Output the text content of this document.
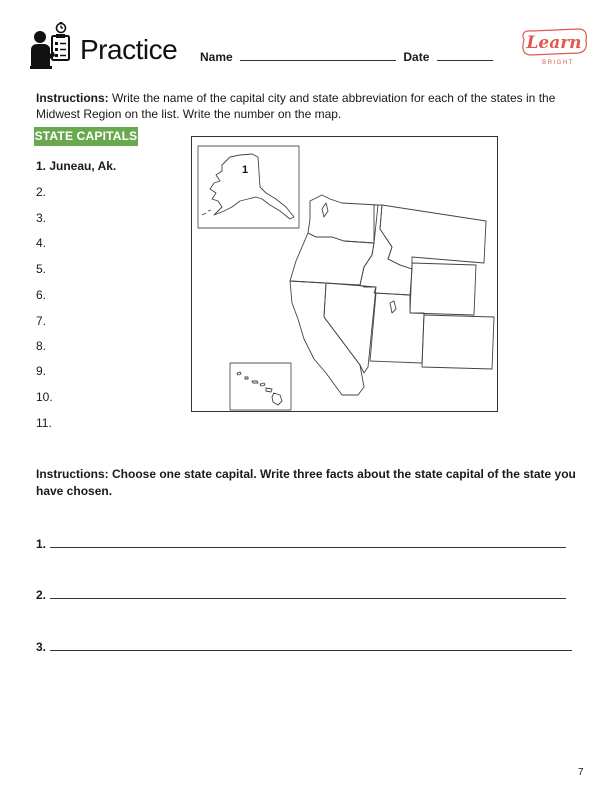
Practice Name	Date
Learn
BRIGHT
Instructions: Write the name of the capital city and state abbreviation for each of the states in the Midwest Region on the list. Write the number on the map.
STATE CAPITALS
1. Juneau, Ak.
2.
3.
4.
5.
6.
7.
8.
9.
10.
11.
1
Instructions: Choose one state capital. Write three facts about the state capital of the state you have chosen.
1.
2.
3.
7
